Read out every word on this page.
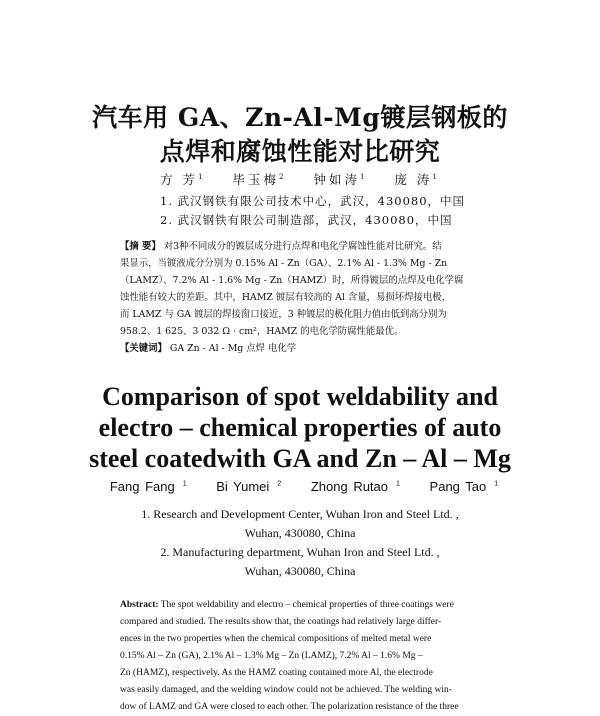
汽车用 GA、Zn-Al-Mg镀层钢板的
点焊和腐蚀性能对比研究
方 芳$^1$ 毕玉梅$^2$ 钟如涛$^1$ 庞 涛$^1$
1. 武汉钢铁有限公司技术中心，武汉，430080，中国
2. 武汉钢铁有限公司制造部，武汉，430080，中国
【摘 要】 对3种不同成分的镀层成分进行点焊和电化学腐蚀性能对比研究。结
果显示，当镀液成分分别为 0.15% Al - Zn（GA）、2.1% Al - 1.3% Mg - Zn
（LAMZ）、7.2% Al - 1.6% Mg - Zn（HAMZ）时，所得镀层的点焊及电化学腐
蚀性能有较大的差距。其中，HAMZ 镀层有较高的 Al 含量，易损坏焊接电极，
而 LAMZ 与 GA 镀层的焊接窗口接近，3 种镀层的极化阻力值由低到高分别为
958.2、1 625、3 032 Ω · cm²，HAMZ 的电化学防腐性能最优。
【关键词】 GA Zn - Al - Mg 点焊 电化学
Comparison of spot weldability and
electro – chemical properties of auto
steel coatedwith GA and Zn – Al – Mg
Fang Fang $^1$ Bi Yumei $^2$ Zhong Rutao $^1$ Pang Tao $^1$
1. Research and Development Center, Wuhan Iron and Steel Ltd. ,
Wuhan, 430080, China
2. Manufacturing department, Wuhan Iron and Steel Ltd. ,
Wuhan, 430080, China
Abstract: The spot weldability and electro – chemical properties of three coatings were
compared and studied. The results show that, the coatings had relatively large differ-
ences in the two properties when the chemical compositions of melted metal were
0.15% Al – Zn (GA), 2.1% Al – 1.3% Mg – Zn (LAMZ), 7.2% Al – 1.6% Mg –
Zn (HAMZ), respectively. As the HAMZ coating contained more Al, the electrode
was easily damaged, and the welding window could not be achieved. The welding win-
dow of LAMZ and GA were closed to each other. The polarization resistance of the three
